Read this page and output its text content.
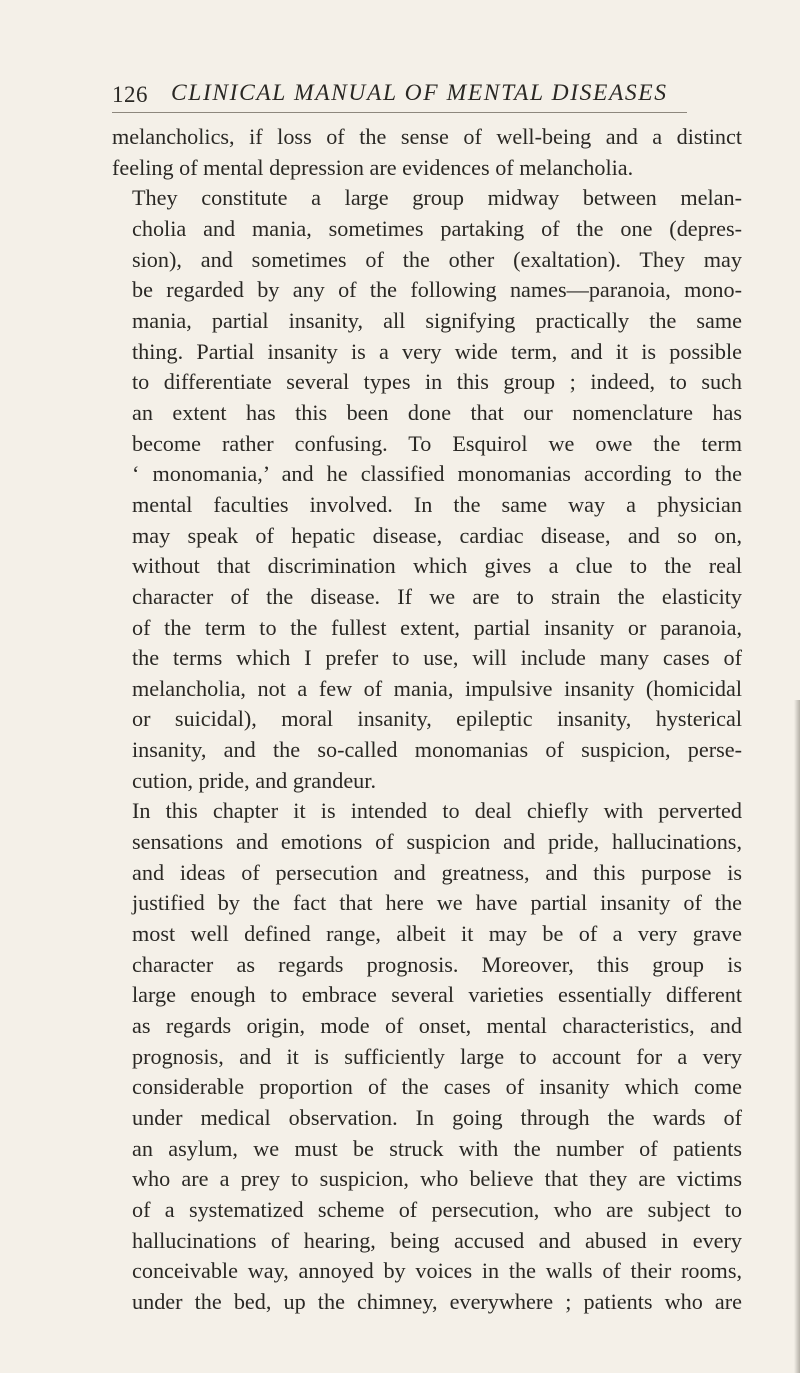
126 CLINICAL MANUAL OF MENTAL DISEASES

melancholics, if loss of the sense of well-being and a distinct
feeling of mental depression are evidences of melancholia.

They constitute a large group midway between melan-
cholia and mania, sometimes partaking of the one (depres-
sion), and sometimes of the other (exaltation). They may
be regarded by any of the following names—paranoia, mono-
mania, partial insanity, all signifying practically the same
thing. Partial insanity is a very wide term, and it is possible
to differentiate several types in this group ; indeed, to such
an extent has this been done that our nomenclature has
become rather confusing. To Esquirol we owe the term
‘ monomania,’ and he classified monomanias according to the
mental faculties involved. In the same way a physician
may speak of hepatic disease, cardiac disease, and so on,
without that discrimination which gives a clue to the real
character of the disease. If we are to strain the elasticity
of the term to the fullest extent, partial insanity or paranoia,
the terms which I prefer to use, will include many cases of
melancholia, not a few of mania, impulsive insanity (homicidal
or suicidal), moral insanity, epileptic insanity, hysterical
insanity, and the so-called monomanias of suspicion, perse-
cution, pride, and grandeur.

In this chapter it is intended to deal chiefly with perverted
sensations and emotions of suspicion and pride, hallucinations,
and ideas of persecution and greatness, and this purpose is
justified by the fact that here we have partial insanity of the
most well defined range, albeit it may be of a very grave
character as regards prognosis. Moreover, this group is
large enough to embrace several varieties essentially different
as regards origin, mode of onset, mental characteristics, and
prognosis, and it is sufficiently large to account for a very
considerable proportion of the cases of insanity which come
under medical observation. In going through the wards of
an asylum, we must be struck with the number of patients
who are a prey to suspicion, who believe that they are victims
of a systematized scheme of persecution, who are subject to
hallucinations of hearing, being accused and abused in every
conceivable way, annoyed by voices in the walls of their rooms,
under the bed, up the chimney, everywhere ; patients who are
